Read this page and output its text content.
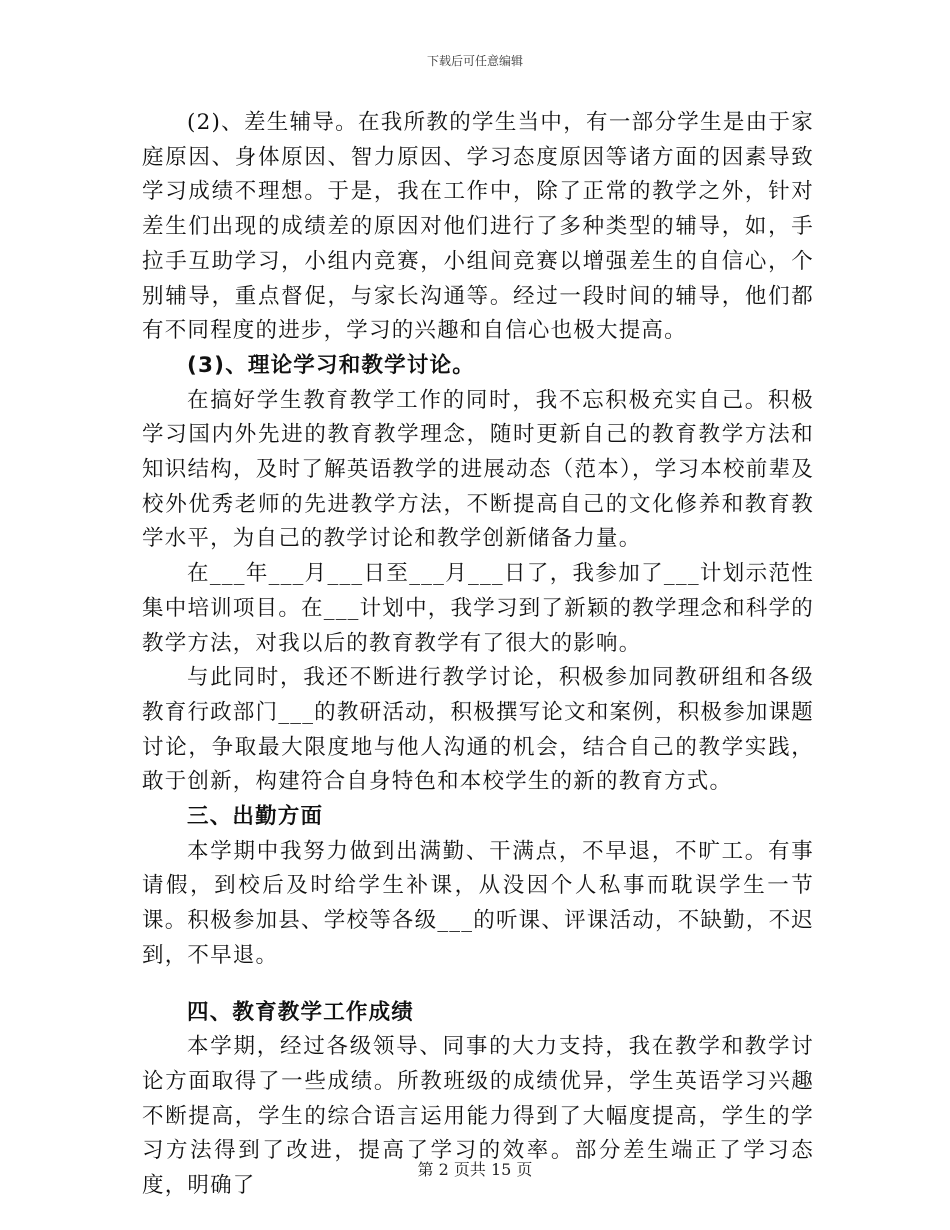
下载后可任意编辑

(2)、差生辅导。在我所教的学生当中，有一部分学生是由于家庭原因、身体原因、智力原因、学习态度原因等诸方面的因素导致学习成绩不理想。于是，我在工作中，除了正常的教学之外，针对差生们出现的成绩差的原因对他们进行了多种类型的辅导，如，手拉手互助学习，小组内竞赛，小组间竞赛以增强差生的自信心，个别辅导，重点督促，与家长沟通等。经过一段时间的辅导，他们都有不同程度的进步，学习的兴趣和自信心也极大提高。

(3)、理论学习和教学讨论。

在搞好学生教育教学工作的同时，我不忘积极充实自己。积极学习国内外先进的教育教学理念，随时更新自己的教育教学方法和知识结构，及时了解英语教学的进展动态（范本），学习本校前辈及校外优秀老师的先进教学方法，不断提高自己的文化修养和教育教学水平，为自己的教学讨论和教学创新储备力量。

在___年___月___日至___月___日了，我参加了___计划示范性集中培训项目。在___计划中，我学习到了新颖的教学理念和科学的教学方法，对我以后的教育教学有了很大的影响。

与此同时，我还不断进行教学讨论，积极参加同教研组和各级教育行政部门___的教研活动，积极撰写论文和案例，积极参加课题讨论，争取最大限度地与他人沟通的机会，结合自己的教学实践，敢于创新，构建符合自身特色和本校学生的新的教育方式。

三、出勤方面

本学期中我努力做到出满勤、干满点，不早退，不旷工。有事请假，到校后及时给学生补课，从没因个人私事而耽误学生一节课。积极参加县、学校等各级___的听课、评课活动，不缺勤，不迟到，不早退。

四、教育教学工作成绩

本学期，经过各级领导、同事的大力支持，我在教学和教学讨论方面取得了一些成绩。所教班级的成绩优异，学生英语学习兴趣不断提高，学生的综合语言运用能力得到了大幅度提高，学生的学习方法得到了改进，提高了学习的效率。部分差生端正了学习态度，明确了

第 2 页共 15 页
